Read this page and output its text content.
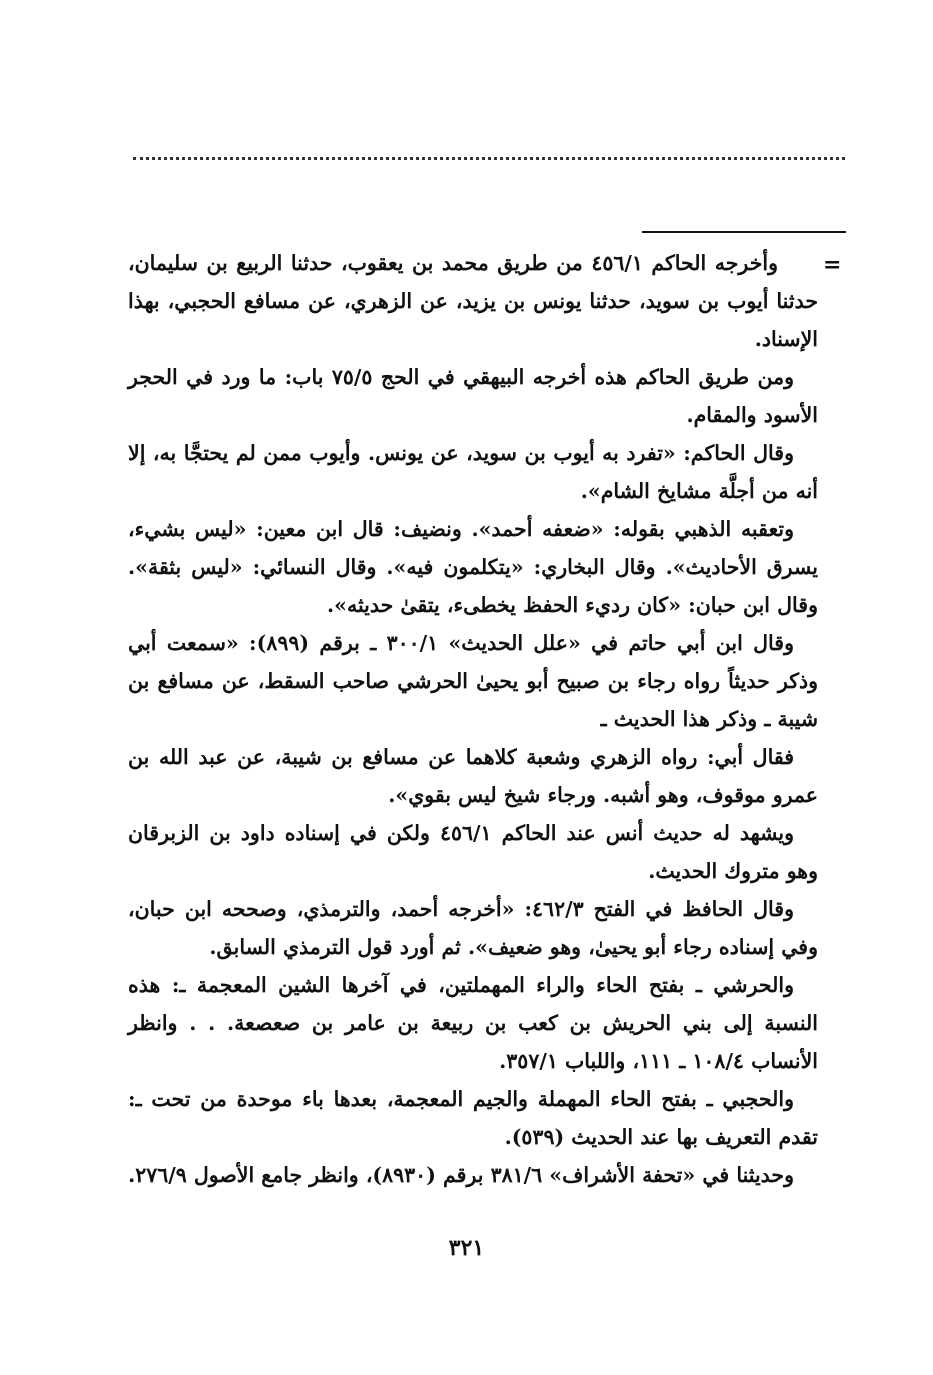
=

وأخرجه الحاكم ٤٥٦/١ من طريق محمد بن يعقوب، حدثنا الربيع بن سليمان، حدثنا أيوب بن سويد، حدثنا يونس بن يزيد، عن الزهري، عن مسافع الحجبي، بهذا الإسناد.

ومن طريق الحاكم هذه أخرجه البيهقي في الحج ٧٥/٥ باب: ما ورد في الحجر الأسود والمقام.

وقال الحاكم: «تفرد به أيوب بن سويد، عن يونس. وأيوب ممن لم يحتجَّا به، إلا أنه من أجلَّة مشايخ الشام».

وتعقبه الذهبي بقوله: «ضعفه أحمد». ونضيف: قال ابن معين: «ليس بشيء، يسرق الأحاديث». وقال البخاري: «يتكلمون فيه». وقال النسائي: «ليس بثقة». وقال ابن حبان: «كان رديء الحفظ يخطىء، يتقىٰ حديثه».

وقال ابن أبي حاتم في «علل الحديث» ٣٠٠/١ ـ برقم (٨٩٩): «سمعت أبي وذكر حديثاً رواه رجاء بن صبيح أبو يحيىٰ الحرشي صاحب السقط، عن مسافع بن شيبة ـ وذكر هذا الحديث ـ

فقال أبي: رواه الزهري وشعبة كلاهما عن مسافع بن شيبة، عن عبد الله بن عمرو موقوف، وهو أشبه. ورجاء شيخ ليس بقوي».

ويشهد له حديث أنس عند الحاكم ٤٥٦/١ ولكن في إسناده داود بن الزبرقان وهو متروك الحديث.

وقال الحافظ في الفتح ٤٦٢/٣: «أخرجه أحمد، والترمذي، وصححه ابن حبان، وفي إسناده رجاء أبو يحيىٰ، وهو ضعيف». ثم أورد قول الترمذي السابق.

والحرشي ـ بفتح الحاء والراء المهملتين، في آخرها الشين المعجمة ـ: هذه النسبة إلى بني الحريش بن كعب بن ربيعة بن عامر بن صعصعة. . . وانظر الأنساب ١٠٨/٤ ـ ١١١، واللباب ٣٥٧/١.

والحجبي ـ بفتح الحاء المهملة والجيم المعجمة، بعدها باء موحدة من تحت ـ: تقدم التعريف بها عند الحديث (٥٣٩).

وحديثنا في «تحفة الأشراف» ٣٨١/٦ برقم (٨٩٣٠)، وانظر جامع الأصول ٢٧٦/٩.

٣٢١
